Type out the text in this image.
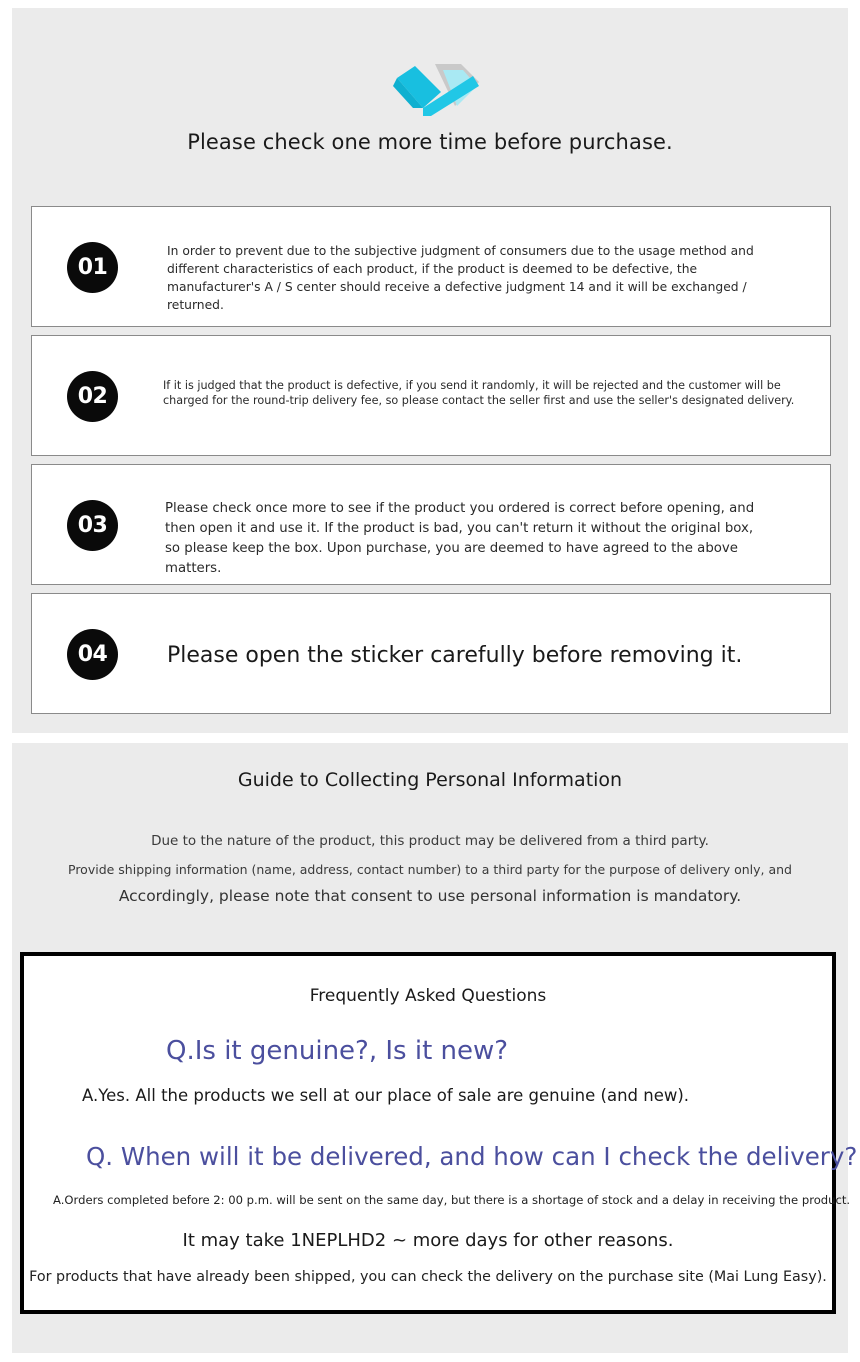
Please check one more time before purchase.
01
In order to prevent due to the subjective judgment of consumers due to the usage method and different characteristics of each product, if the product is deemed to be defective, the manufacturer's A / S center should receive a defective judgment 14 and it will be exchanged / returned.
02	If it is judged that the product is defective, if you send it randomly, it will be rejected and the customer will be charged for the round-trip delivery fee, so please contact the seller first and use the seller's designated delivery.
03
Please check once more to see if the product you ordered is correct before opening, and then open it and use it. If the product is bad, you can't return it without the original box, so please keep the box. Upon purchase, you are deemed to have agreed to the above matters.
04	Please open the sticker carefully before removing it.
Guide to Collecting Personal Information
Due to the nature of the product, this product may be delivered from a third party.
Provide shipping information (name, address, contact number) to a third party for the purpose of delivery only, and
Accordingly, please note that consent to use personal information is mandatory.
Frequently Asked Questions
Q.Is it genuine?, Is it new?
A.Yes. All the products we sell at our place of sale are genuine (and new).
Q. When will it be delivered, and how can I check the delivery?
A.Orders completed before 2: 00 p.m. will be sent on the same day, but there is a shortage of stock and a delay in receiving the product.
It may take 1NEPLHD2 ~ more days for other reasons.
For products that have already been shipped, you can check the delivery on the purchase site (Mai Lung Easy).
